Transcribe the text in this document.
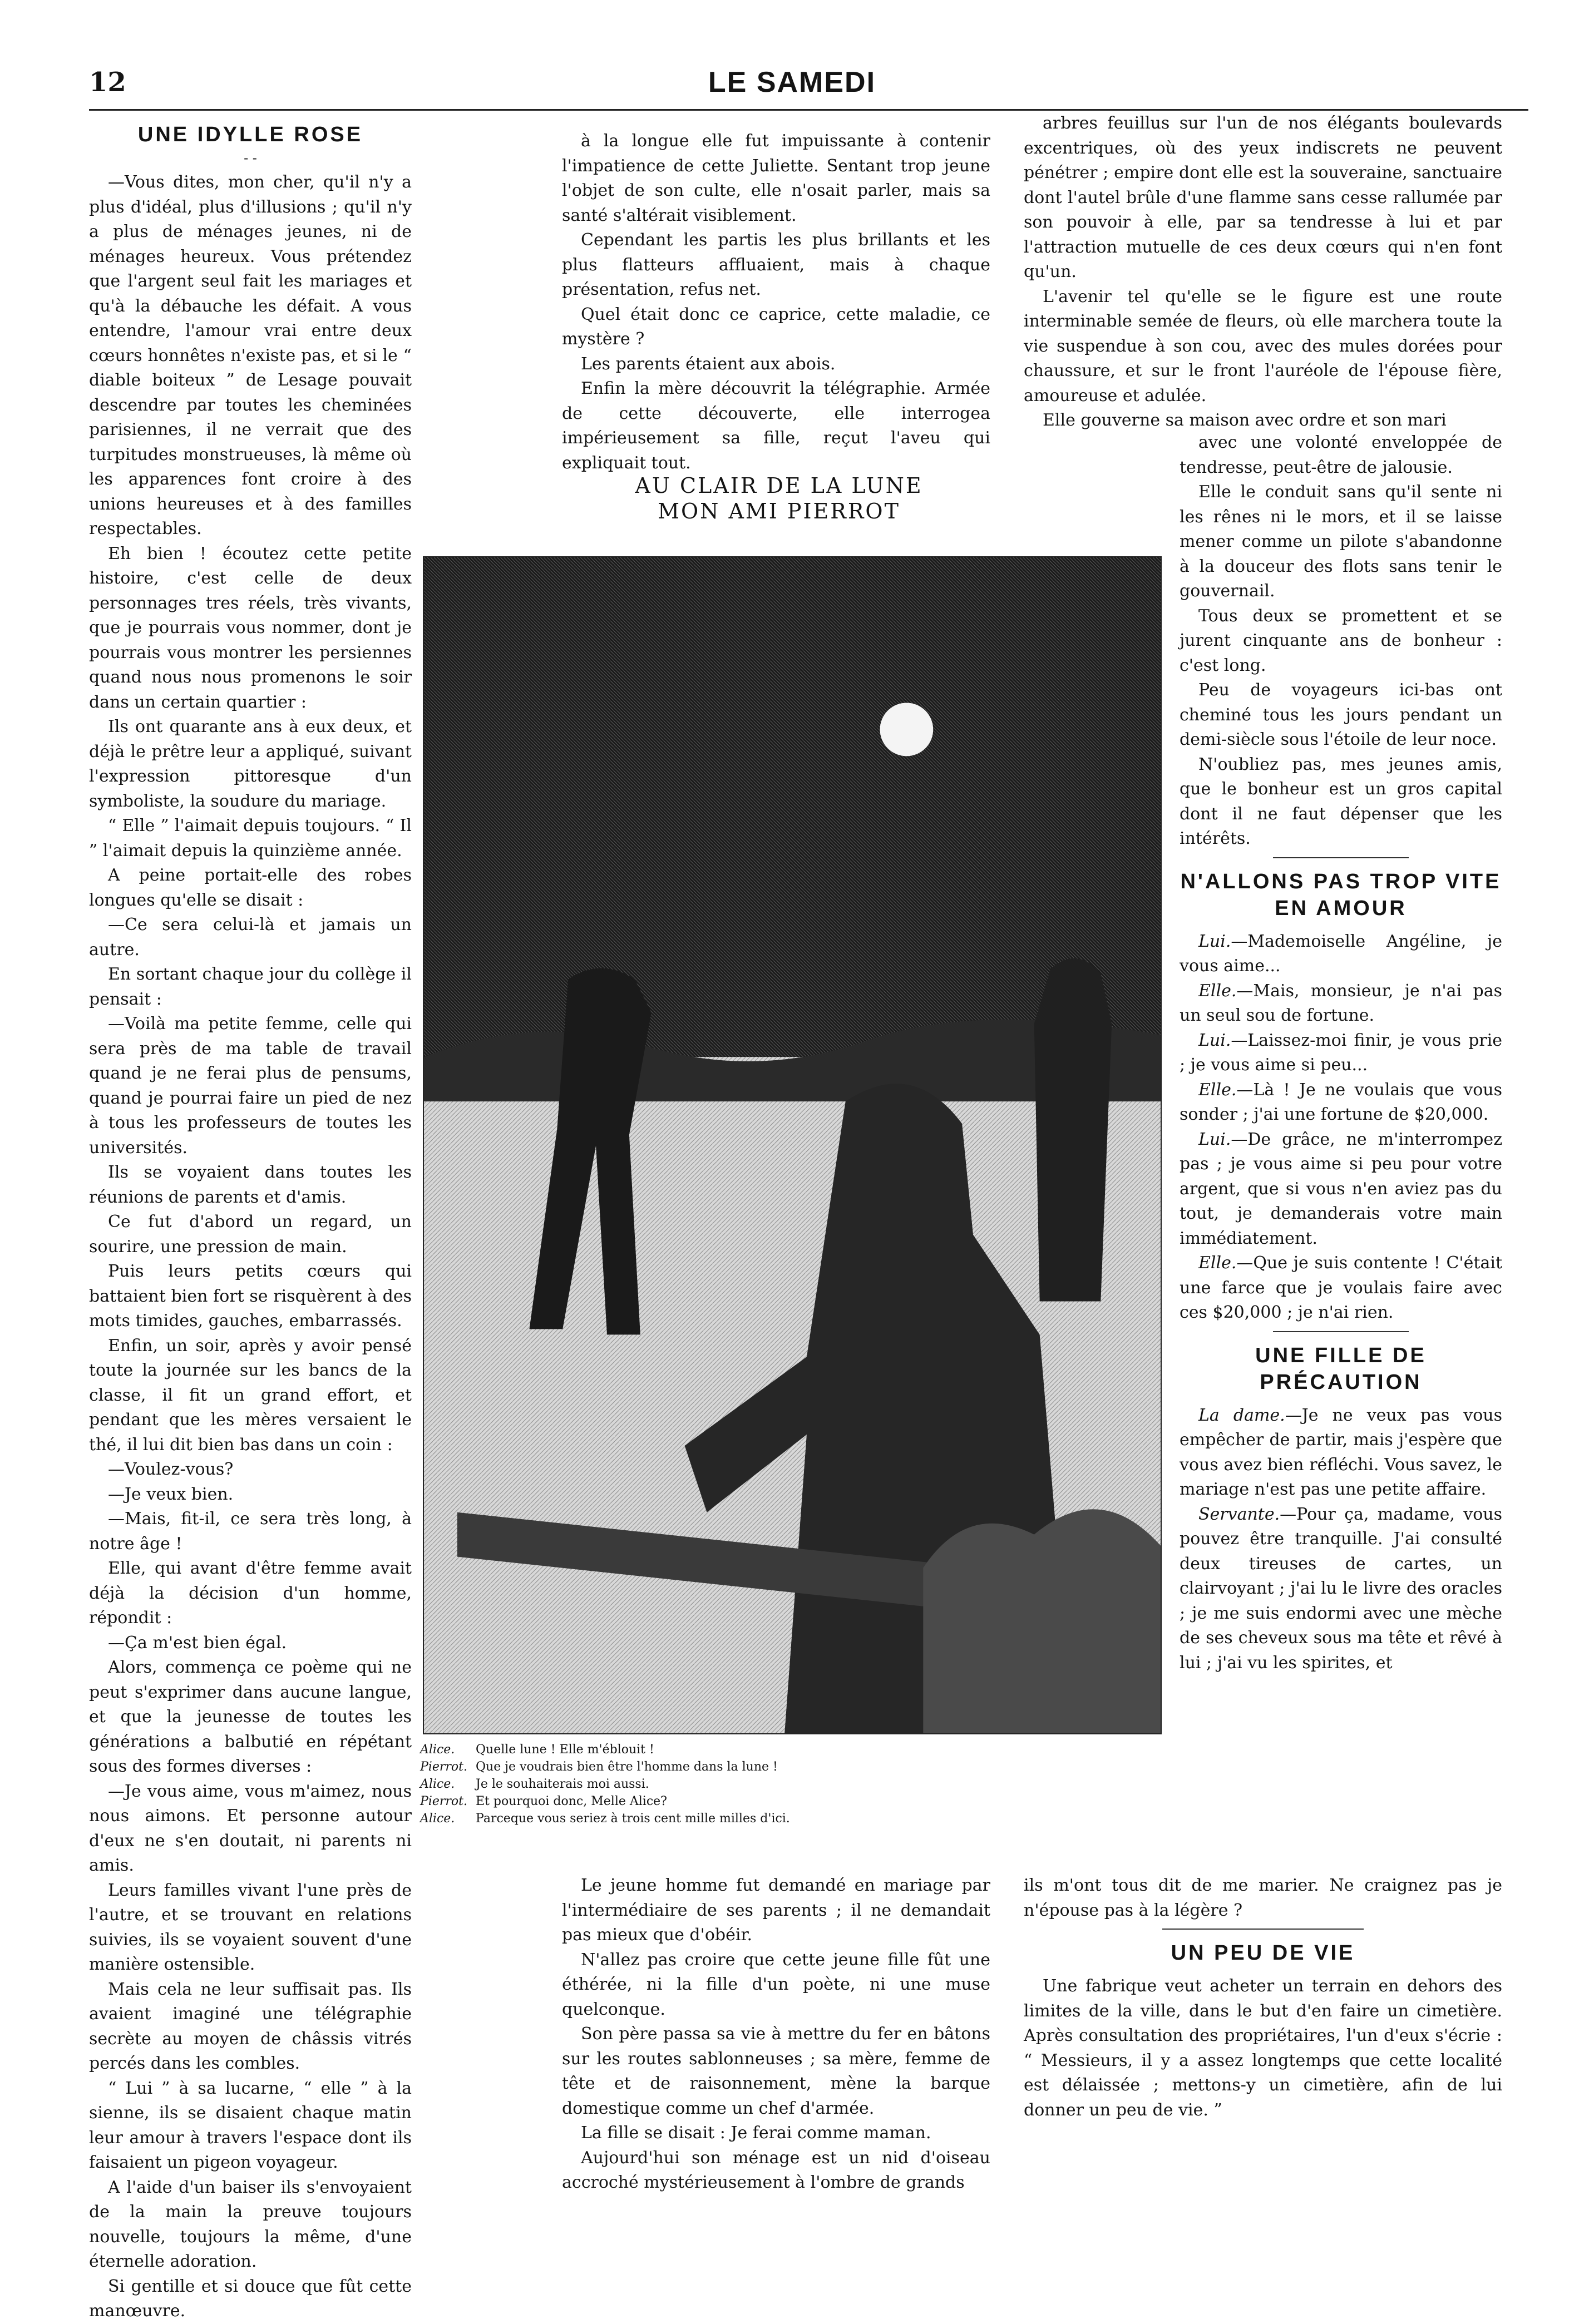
12	LE SAMEDI
UNE IDYLLE ROSE
- -

—Vous dites, mon cher, qu'il n'y a plus d'idéal, plus d'illusions ; qu'il n'y a plus de ménages jeunes, ni de ménages heureux. Vous prétendez que l'argent seul fait les mariages et qu'à la débauche les défait. A vous entendre, l'amour vrai entre deux cœurs honnêtes n'existe pas, et si le “ diable boiteux ” de Lesage pouvait descendre par toutes les cheminées parisiennes, il ne verrait que des turpitudes monstrueuses, là même où les apparences font croire à des unions heureuses et à des familles respectables.

Eh bien ! écoutez cette petite histoire, c'est celle de deux personnages tres réels, très vivants, que je pourrais vous nommer, dont je pourrais vous montrer les persiennes quand nous nous promenons le soir dans un certain quartier :

Ils ont quarante ans à eux deux, et déjà le prêtre leur a appliqué, suivant l'expression pittoresque d'un symboliste, la soudure du mariage.

“ Elle ” l'aimait depuis toujours. “ Il ” l'aimait depuis la quinzième année.

A peine portait-elle des robes longues qu'elle se disait :

—Ce sera celui-là et jamais un autre.

En sortant chaque jour du collège il pensait :

—Voilà ma petite femme, celle qui sera près de ma table de travail quand je ne ferai plus de pensums, quand je pourrai faire un pied de nez à tous les professeurs de toutes les universités.

Ils se voyaient dans toutes les réunions de parents et d'amis.

Ce fut d'abord un regard, un sourire, une pression de main.

Puis leurs petits cœurs qui battaient bien fort se risquèrent à des mots timides, gauches, embarrassés.

Enfin, un soir, après y avoir pensé toute la journée sur les bancs de la classe, il fit un grand effort, et pendant que les mères versaient le thé, il lui dit bien bas dans un coin :

—Voulez-vous?

—Je veux bien.

—Mais, fit-il, ce sera très long, à notre âge !

Elle, qui avant d'être femme avait déjà la décision d'un homme, répondit :

—Ça m'est bien égal.

Alors, commença ce poème qui ne peut s'exprimer dans aucune langue, et que la jeunesse de toutes les générations a balbutié en répétant sous des formes diverses :

—Je vous aime, vous m'aimez, nous nous aimons. Et personne autour d'eux ne s'en doutait, ni parents ni amis.

Leurs familles vivant l'une près de l'autre, et se trouvant en relations suivies, ils se voyaient souvent d'une manière ostensible.

Mais cela ne leur suffisait pas. Ils avaient imaginé une télégraphie secrète au moyen de châssis vitrés percés dans les combles.

“ Lui ” à sa lucarne, “ elle ” à la sienne, ils se disaient chaque matin leur amour à travers l'espace dont ils faisaient un pigeon voyageur.

A l'aide d'un baiser ils s'envoyaient de la main la preuve toujours nouvelle, toujours la même, d'une éternelle adoration.

Si gentille et si douce que fût cette manœuvre.

à la longue elle fut impuissante à contenir l'impatience de cette Juliette. Sentant trop jeune l'objet de son culte, elle n'osait parler, mais sa santé s'altérait visiblement.

Cependant les partis les plus brillants et les plus flatteurs affluaient, mais à chaque présentation, refus net.

Quel était donc ce caprice, cette maladie, ce mystère ?

Les parents étaient aux abois.

Enfin la mère découvrit la télégraphie. Armée de cette découverte, elle interrogea impérieusement sa fille, reçut l'aveu qui expliquait tout.

AU CLAIR DE LA LUNE
MON AMI PIERROT
Alice. Quelle lune ! Elle m'éblouit !
Pierrot. Que je voudrais bien être l'homme dans la lune !
Alice. Je le souhaiterais moi aussi.
Pierrot. Et pourquoi donc, Melle Alice?
Alice. Parceque vous seriez à trois cent mille milles d'ici.

Le jeune homme fut demandé en mariage par l'intermédiaire de ses parents ; il ne demandait pas mieux que d'obéir.

N'allez pas croire que cette jeune fille fût une éthérée, ni la fille d'un poète, ni une muse quelconque.

Son père passa sa vie à mettre du fer en bâtons sur les routes sablonneuses ; sa mère, femme de tête et de raisonnement, mène la barque domestique comme un chef d'armée.

La fille se disait : Je ferai comme maman.

Aujourd'hui son ménage est un nid d'oiseau accroché mystérieusement à l'ombre de grands

arbres feuillus sur l'un de nos élégants boulevards excentriques, où des yeux indiscrets ne peuvent pénétrer ; empire dont elle est la souveraine, sanctuaire dont l'autel brûle d'une flamme sans cesse rallumée par son pouvoir à elle, par sa tendresse à lui et par l'attraction mutuelle de ces deux cœurs qui n'en font qu'un.

L'avenir tel qu'elle se le figure est une route interminable semée de fleurs, où elle marchera toute la vie suspendue à son cou, avec des mules dorées pour chaussure, et sur le front l'auréole de l'épouse fière, amoureuse et adulée.

Elle gouverne sa maison avec ordre et son mari

avec une volonté enveloppée de tendresse, peut-être de jalousie.

Elle le conduit sans qu'il sente ni les rênes ni le mors, et il se laisse mener comme un pilote s'abandonne à la douceur des flots sans tenir le gouvernail.

Tous deux se promettent et se jurent cinquante ans de bonheur : c'est long.

Peu de voyageurs ici-bas ont cheminé tous les jours pendant un demi-siècle sous l'étoile de leur noce.

N'oubliez pas, mes jeunes amis, que le bonheur est un gros capital dont il ne faut dépenser que les intérêts.

N'ALLONS PAS TROP VITE EN AMOUR

Lui.—Mademoiselle Angéline, je vous aime...

Elle.—Mais, monsieur, je n'ai pas un seul sou de fortune.

Lui.—Laissez-moi finir, je vous prie ; je vous aime si peu...

Elle.—Là ! Je ne voulais que vous sonder ; j'ai une fortune de $20,000.

Lui.—De grâce, ne m'interrompez pas ; je vous aime si peu pour votre argent, que si vous n'en aviez pas du tout, je demanderais votre main immédiatement.

Elle.—Que je suis contente ! C'était une farce que je voulais faire avec ces $20,000 ; je n'ai rien.

UNE FILLE DE PRÉCAUTION

La dame.—Je ne veux pas vous empêcher de partir, mais j'espère que vous avez bien réfléchi. Vous savez, le mariage n'est pas une petite affaire.

Servante.—Pour ça, madame, vous pouvez être tranquille. J'ai consulté deux tireuses de cartes, un clairvoyant ; j'ai lu le livre des oracles ; je me suis endormi avec une mèche de ses cheveux sous ma tête et rêvé à lui ; j'ai vu les spirites, et

ils m'ont tous dit de me marier. Ne craignez pas je n'épouse pas à la légère ?

UN PEU DE VIE

Une fabrique veut acheter un terrain en dehors des limites de la ville, dans le but d'en faire un cimetière. Après consultation des propriétaires, l'un d'eux s'écrie : “ Messieurs, il y a assez longtemps que cette localité est délaissée ; mettons-y un cimetière, afin de lui donner un peu de vie. ”
